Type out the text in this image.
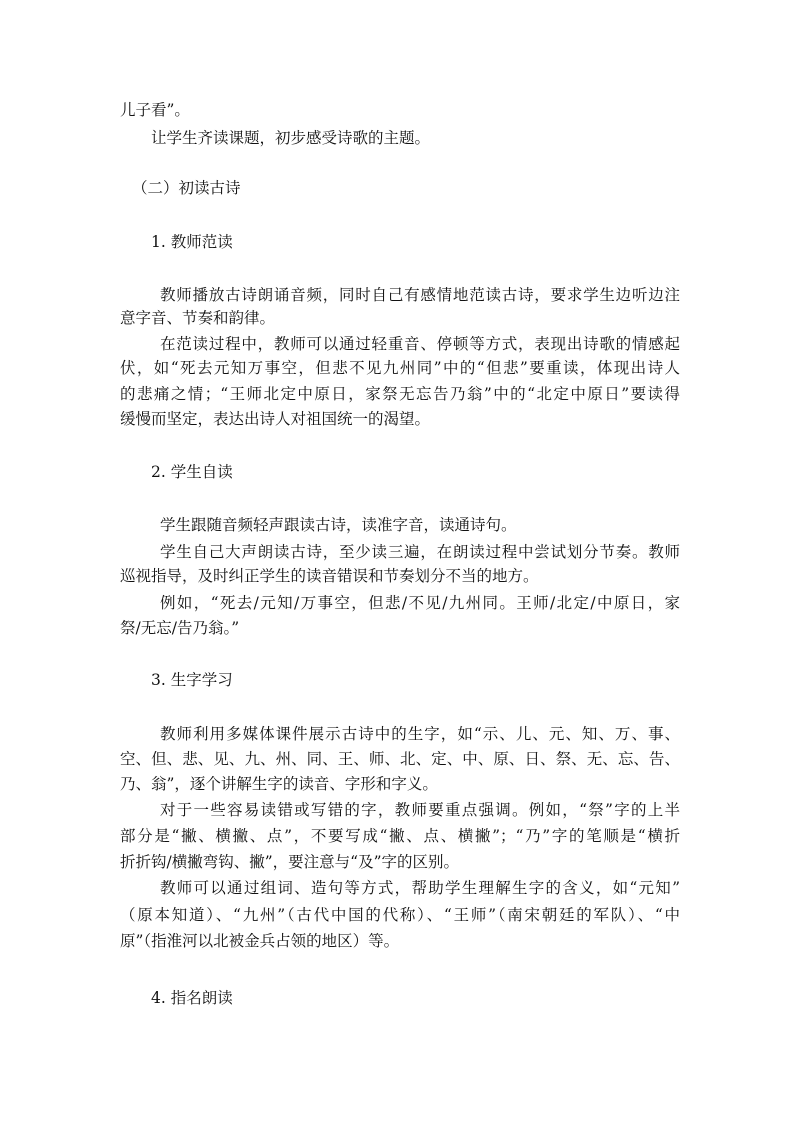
儿子看”。
让学生齐读课题，初步感受诗歌的主题。
（二）初读古诗
1. 教师范读
教师播放古诗朗诵音频，同时自己有感情地范读古诗，要求学生边听边注
意字音、节奏和韵律。
在范读过程中，教师可以通过轻重音、停顿等方式，表现出诗歌的情感起
伏，如“死去元知万事空，但悲不见九州同”中的“但悲”要重读，体现出诗人
的悲痛之情；“王师北定中原日，家祭无忘告乃翁”中的“北定中原日”要读得
缓慢而坚定，表达出诗人对祖国统一的渴望。
2. 学生自读
学生跟随音频轻声跟读古诗，读准字音，读通诗句。
学生自己大声朗读古诗，至少读三遍，在朗读过程中尝试划分节奏。教师
巡视指导，及时纠正学生的读音错误和节奏划分不当的地方。
例如，“死去/元知/万事空，但悲/不见/九州同。王师/北定/中原日，家
祭/无忘/告乃翁。”
3. 生字学习
教师利用多媒体课件展示古诗中的生字，如“示、儿、元、知、万、事、
空、但、悲、见、九、州、同、王、师、北、定、中、原、日、祭、无、忘、告、
乃、翁”，逐个讲解生字的读音、字形和字义。
对于一些容易读错或写错的字，教师要重点强调。例如，“祭”字的上半
部分是“撇、横撇、点”，不要写成“撇、点、横撇”；“乃”字的笔顺是“横折
折折钩/横撇弯钩、撇”，要注意与“及”字的区别。
教师可以通过组词、造句等方式，帮助学生理解生字的含义，如“元知”
（原本知道）、“九州”（古代中国的代称）、“王师”（南宋朝廷的军队）、“中
原”（指淮河以北被金兵占领的地区）等。
4. 指名朗读
